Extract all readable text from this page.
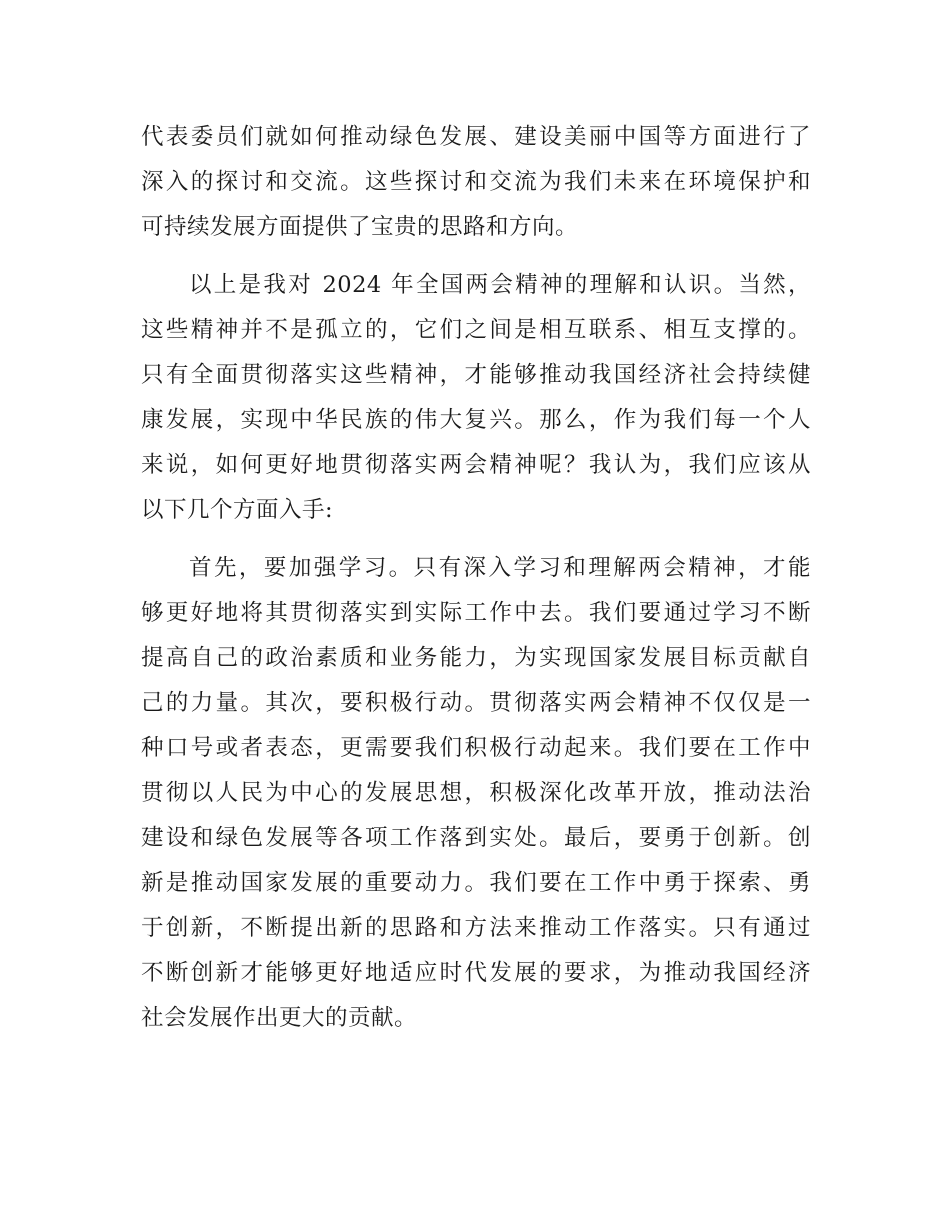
代表委员们就如何推动绿色发展、建设美丽中国等方面进行了
深入的探讨和交流。这些探讨和交流为我们未来在环境保护和
可持续发展方面提供了宝贵的思路和方向。
以上是我对 2024 年全国两会精神的理解和认识。当然，
这些精神并不是孤立的，它们之间是相互联系、相互支撑的。
只有全面贯彻落实这些精神，才能够推动我国经济社会持续健
康发展，实现中华民族的伟大复兴。那么，作为我们每一个人
来说，如何更好地贯彻落实两会精神呢？我认为，我们应该从
以下几个方面入手:
首先，要加强学习。只有深入学习和理解两会精神，才能
够更好地将其贯彻落实到实际工作中去。我们要通过学习不断
提高自己的政治素质和业务能力，为实现国家发展目标贡献自
己的力量。其次，要积极行动。贯彻落实两会精神不仅仅是一
种口号或者表态，更需要我们积极行动起来。我们要在工作中
贯彻以人民为中心的发展思想，积极深化改革开放，推动法治
建设和绿色发展等各项工作落到实处。最后，要勇于创新。创
新是推动国家发展的重要动力。我们要在工作中勇于探索、勇
于创新，不断提出新的思路和方法来推动工作落实。只有通过
不断创新才能够更好地适应时代发展的要求，为推动我国经济
社会发展作出更大的贡献。
